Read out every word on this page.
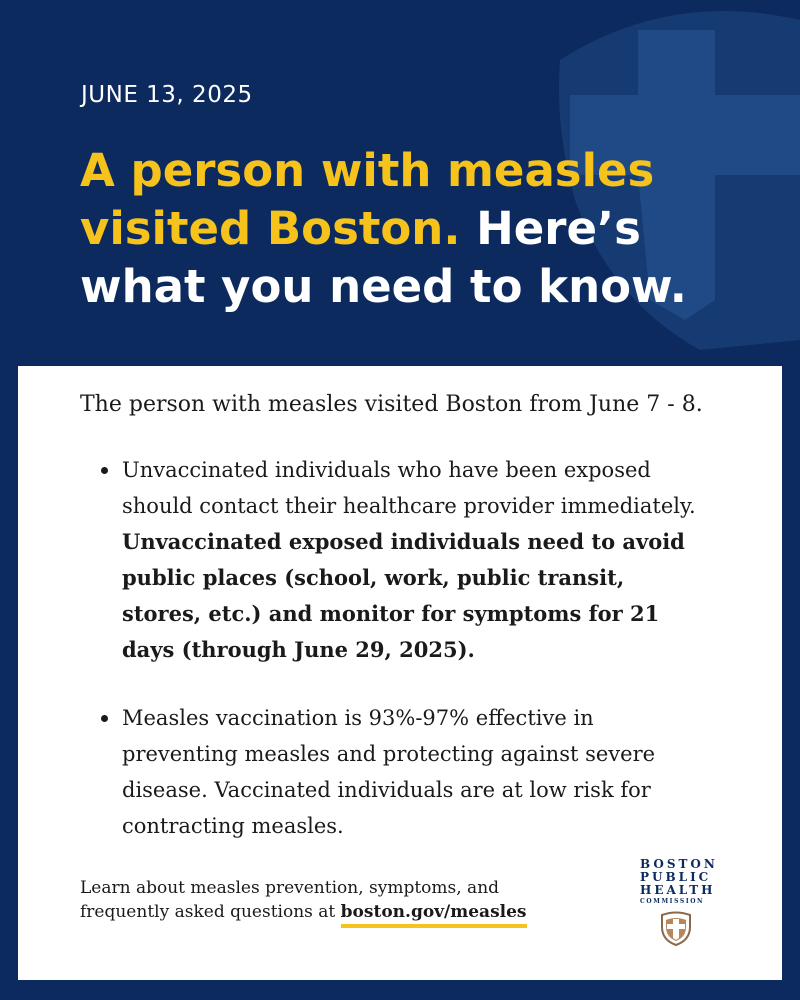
JUNE 13, 2025
A person with measles visited Boston. Here’s what you need to know.

The person with measles visited Boston from June 7 - 8.

Unvaccinated individuals who have been exposed should contact their healthcare provider immediately. Unvaccinated exposed individuals need to avoid public places (school, work, public transit, stores, etc.) and monitor for symptoms for 21 days (through June 29, 2025).
Measles vaccination is 93%-97% effective in preventing measles and protecting against severe disease. Vaccinated individuals are at low risk for contracting measles.
Learn about measles prevention, symptoms, and frequently asked questions at boston.gov/measles
BOSTON
PUBLIC
HEALTH
COMMISSION
